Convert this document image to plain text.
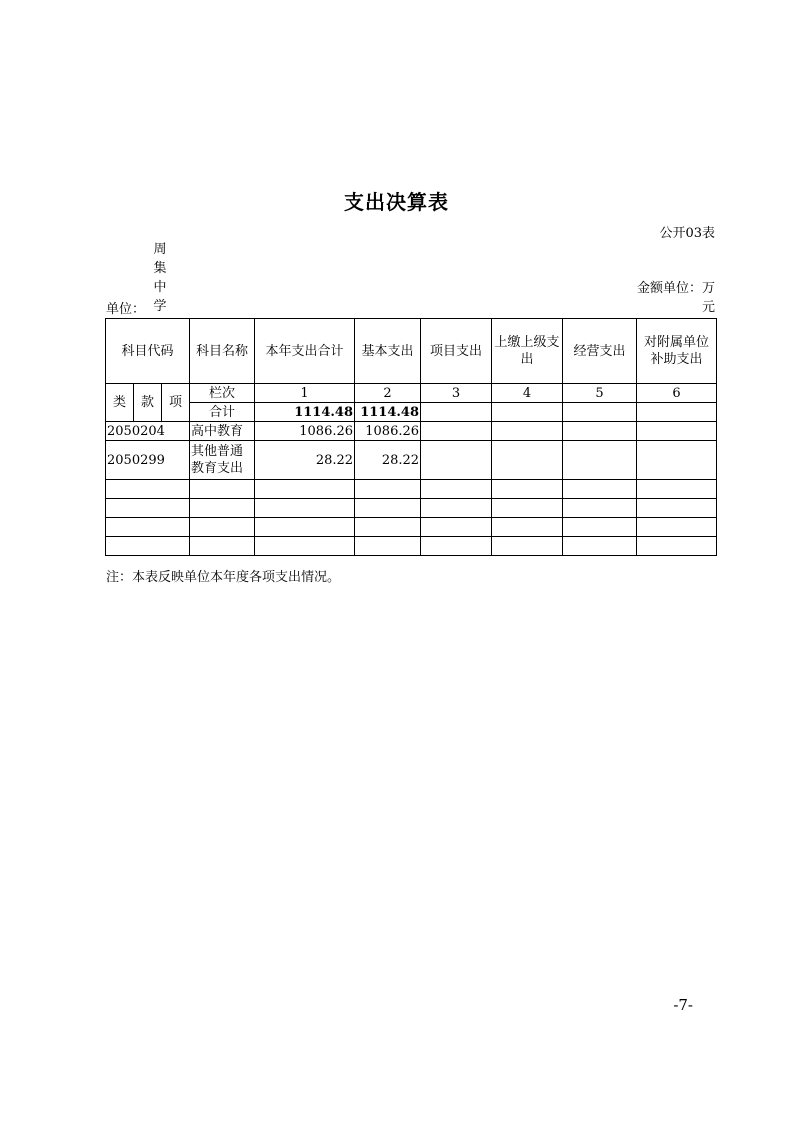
支出决算表
公开03表
单位：
周
集
中
学
金额单位：万
元
科目代码			科目名称	本年支出合计	基本支出	项目支出	上缴上级支出	经营支出	对附属单位补助支出
类	款	项	栏次	1	2	3	4	5	6
			合计	1114.48	1114.48				
2050204			高中教育	1086.26	1086.26				
2050299			其他普通教育支出	28.22	28.22				

注：本表反映单位本年度各项支出情况。
-7-
